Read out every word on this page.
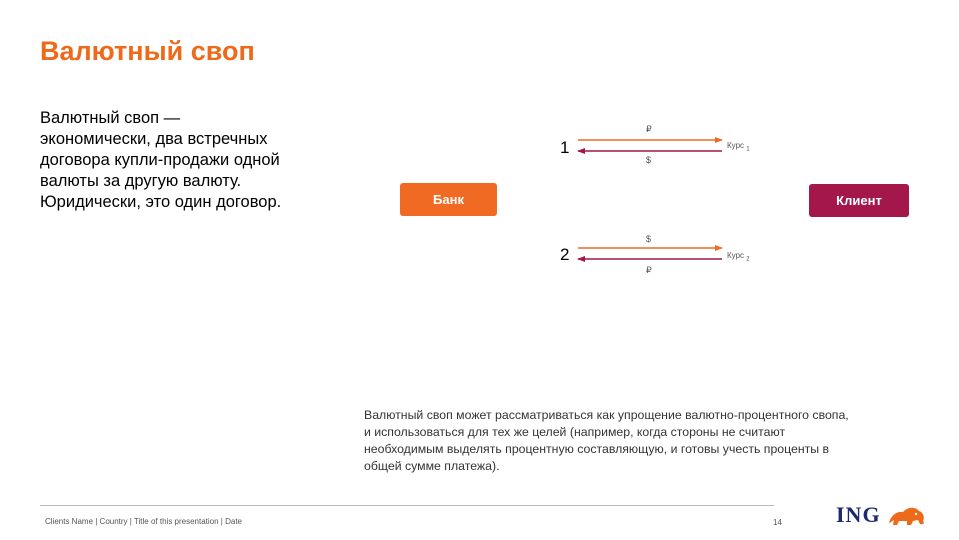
Валютный своп
Валютный своп —
экономически, два встречных
договора купли-продажи одной
валюты за другую валюту.
Юридически, это один договор.	Банк	Клиент
1
₽
$
Курс $_1$
2
$
₽
Курс $_2$
Валютный своп может рассматриваться как упрощение валютно-процентного свопа,
и использоваться для тех же целей (например, когда стороны не считают
необходимым выделять процентную составляющую, и готовы учесть проценты в
общей сумме платежа).
Clients Name | Country | Title of this presentation | Date	14 ING
